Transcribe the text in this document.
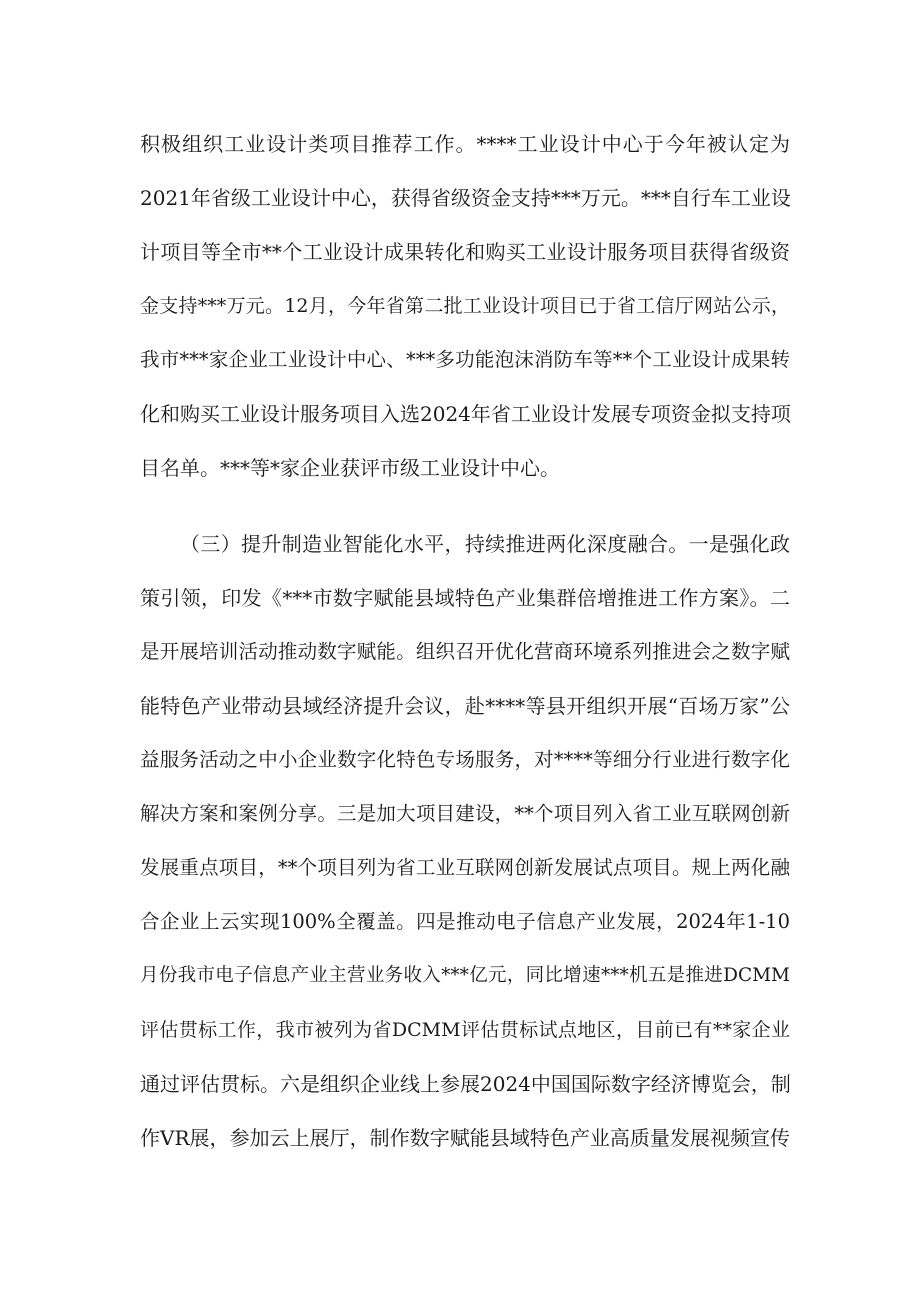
积极组织工业设计类项目推荐工作。****工业设计中心于今年被认定为
2021年省级工业设计中心，获得省级资金支持***万元。***自行车工业设
计项目等全市**个工业设计成果转化和购买工业设计服务项目获得省级资
金支持***万元。12月，今年省第二批工业设计项目已于省工信厅网站公示，
我市***家企业工业设计中心、***多功能泡沫消防车等**个工业设计成果转
化和购买工业设计服务项目入选2024年省工业设计发展专项资金拟支持项
目名单。***等*家企业获评市级工业设计中心。
（三）提升制造业智能化水平，持续推进两化深度融合。一是强化政
策引领，印发《***市数字赋能县域特色产业集群倍增推进工作方案》。二
是开展培训活动推动数字赋能。组织召开优化营商环境系列推进会之数字赋
能特色产业带动县域经济提升会议，赴****等县开组织开展“百场万家”公
益服务活动之中小企业数字化特色专场服务，对****等细分行业进行数字化
解决方案和案例分享。三是加大项目建设，**个项目列入省工业互联网创新
发展重点项目，**个项目列为省工业互联网创新发展试点项目。规上两化融
合企业上云实现100%全覆盖。四是推动电子信息产业发展，2024年1-10
月份我市电子信息产业主营业务收入***亿元，同比增速***机五是推进DCMM
评估贯标工作，我市被列为省DCMM评估贯标试点地区，目前已有**家企业
通过评估贯标。六是组织企业线上参展2024中国国际数字经济博览会，制
作VR展，参加云上展厅，制作数字赋能县域特色产业高质量发展视频宣传
